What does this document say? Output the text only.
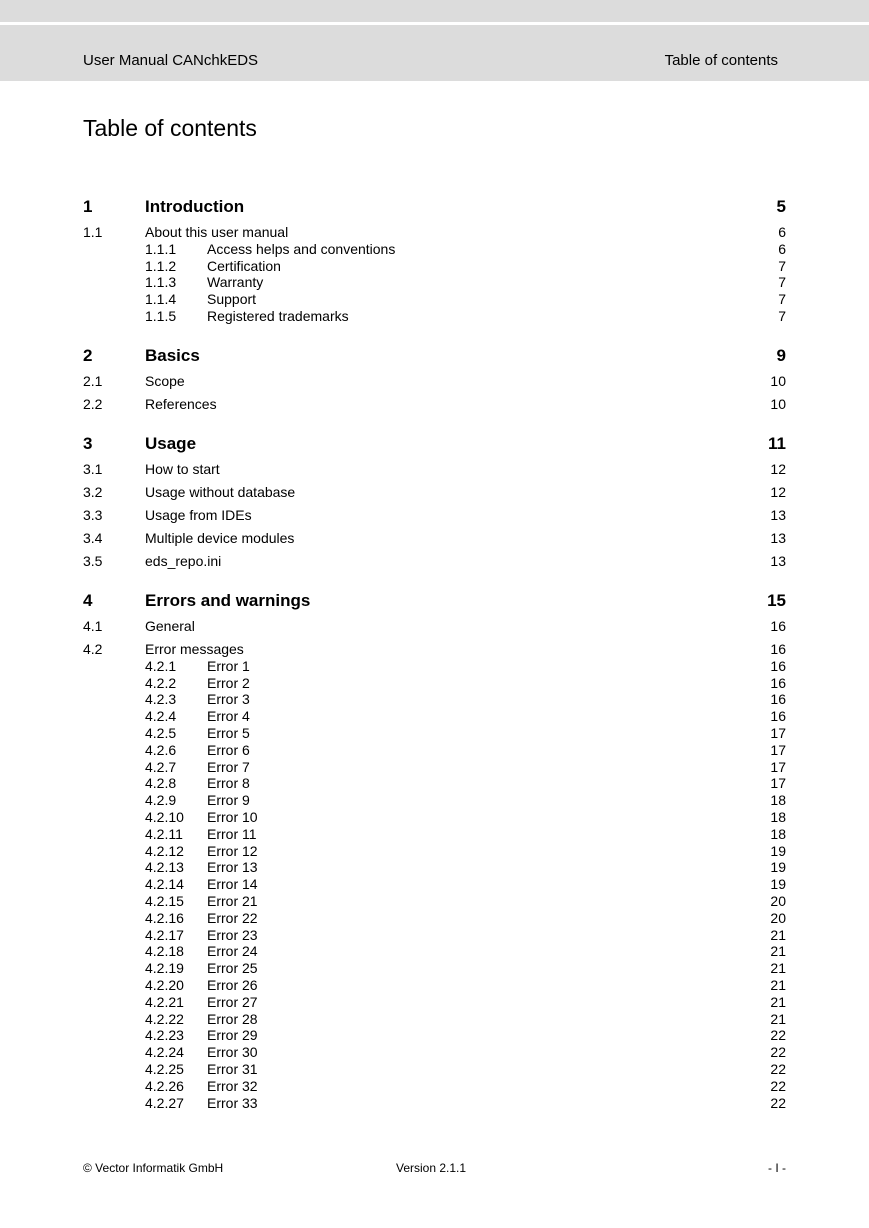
User Manual CANchkEDS	Table of contents
Table of contents
1	Introduction	5
1.1	About this user manual	6
1.1.1 Access helps and conventions	6
1.1.2 Certification	7
1.1.3 Warranty	7
1.1.4 Support	7
1.1.5 Registered trademarks	7
2	Basics	9
2.1	Scope	10
2.2	References	10
3	Usage	11
3.1	How to start	12
3.2	Usage without database	12
3.3	Usage from IDEs	13
3.4	Multiple device modules	13
3.5	eds_repo.ini	13
4	Errors and warnings	15
4.1	General	16
4.2	Error messages	16
4.2.1 Error 1	16
4.2.2 Error 2	16
4.2.3 Error 3	16
4.2.4 Error 4	16
4.2.5 Error 5	17
4.2.6 Error 6	17
4.2.7 Error 7	17
4.2.8 Error 8	17
4.2.9 Error 9	18
4.2.10 Error 10	18
4.2.11 Error 11	18
4.2.12 Error 12	19
4.2.13 Error 13	19
4.2.14 Error 14	19
4.2.15 Error 21	20
4.2.16 Error 22	20
4.2.17 Error 23	21
4.2.18 Error 24	21
4.2.19 Error 25	21
4.2.20 Error 26	21
4.2.21 Error 27	21
4.2.22 Error 28	21
4.2.23 Error 29	22
4.2.24 Error 30	22
4.2.25 Error 31	22
4.2.26 Error 32	22
4.2.27 Error 33	22
© Vector Informatik GmbH	Version 2.1.1	- I -
